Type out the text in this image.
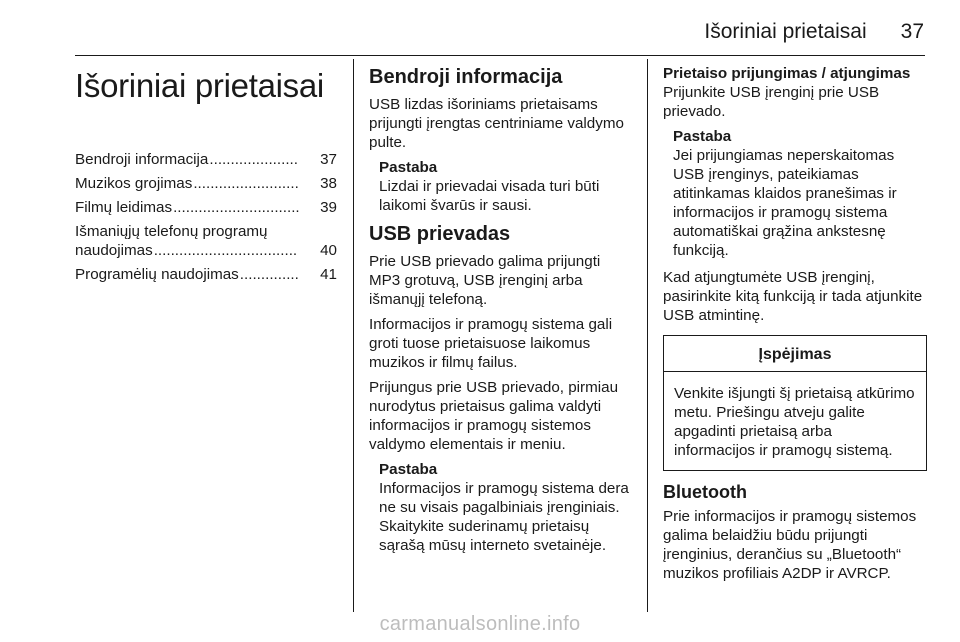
Išoriniai prietaisai 37
Išoriniai prietaisai
Bendroji informacija .....................	37
Muzikos grojimas .........................	38
Filmų leidimas ..............................	39
Išmaniųjų telefonų programų
naudojimas ..................................	40
Programėlių naudojimas ..............	41
Bendroji informacija

USB lizdas išoriniams prietaisams prijungti įrengtas centriniame valdymo pulte.

Pastaba
Lizdai ir prievadai visada turi būti laikomi švarūs ir sausi.
USB prievadas

Prie USB prievado galima prijungti MP3 grotuvą, USB įrenginį arba išmanųjį telefoną.

Informacijos ir pramogų sistema gali groti tuose prietaisuose laikomus muzikos ir filmų failus.

Prijungus prie USB prievado, pirmiau nurodytus prietaisus galima valdyti informacijos ir pramogų sistemos valdymo elementais ir meniu.

Pastaba
Informacijos ir pramogų sistema dera ne su visais pagalbiniais įrenginiais. Skaitykite suderinamų prietaisų sąrašą mūsų interneto svetainėje.
Prietaiso prijungimas / atjungimas

Prijunkite USB įrenginį prie USB prievado.

Pastaba
Jei prijungiamas neperskaitomas USB įrenginys, pateikiamas atitinkamas klaidos pranešimas ir informacijos ir pramogų sistema automatiškai grąžina ankstesnę funkciją.

Kad atjungtumėte USB įrenginį, pasirinkite kitą funkciją ir tada atjunkite USB atmintinę.

Įspėjimas
Venkite išjungti šį prietaisą atkūrimo metu. Priešingu atveju galite apgadinti prietaisą arba informacijos ir pramogų sistemą.
Bluetooth

Prie informacijos ir pramogų sistemos galima belaidžiu būdu prijungti įrenginius, derančius su „Bluetooth“ muzikos profiliais A2DP ir AVRCP.

carmanualsonline.info
